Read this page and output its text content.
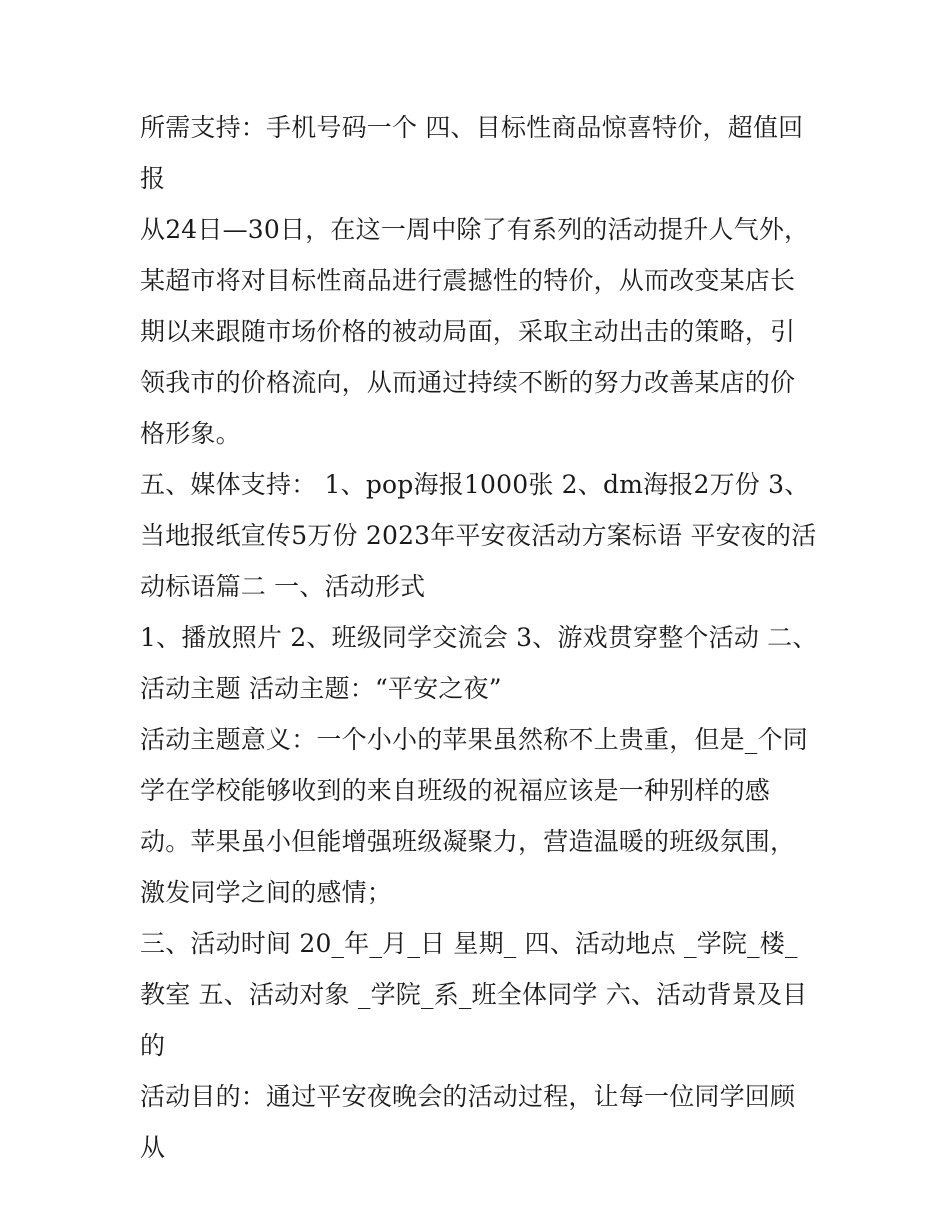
所需支持：手机号码一个 四、目标性商品惊喜特价，超值回报

从24日—30日，在这一周中除了有系列的活动提升人气外，某超市将对目标性商品进行震撼性的特价，从而改变某店长期以来跟随市场价格的被动局面，采取主动出击的策略，引领我市的价格流向，从而通过持续不断的努力改善某店的价格形象。

五、媒体支持： 1、pop海报1000张 2、dm海报2万份 3、当地报纸宣传5万份 2023年平安夜活动方案标语 平安夜的活动标语篇二 一、活动形式

1、播放照片 2、班级同学交流会 3、游戏贯穿整个活动 二、活动主题 活动主题：“平安之夜”

活动主题意义：一个小小的苹果虽然称不上贵重，但是_个同学在学校能够收到的来自班级的祝福应该是一种别样的感动。苹果虽小但能增强班级凝聚力，营造温暖的班级氛围，激发同学之间的感情；

三、活动时间 20_年_月_日 星期_ 四、活动地点 _学院_楼_教室 五、活动对象 _学院_系_班全体同学 六、活动背景及目的

活动目的：通过平安夜晚会的活动过程，让每一位同学回顾从
